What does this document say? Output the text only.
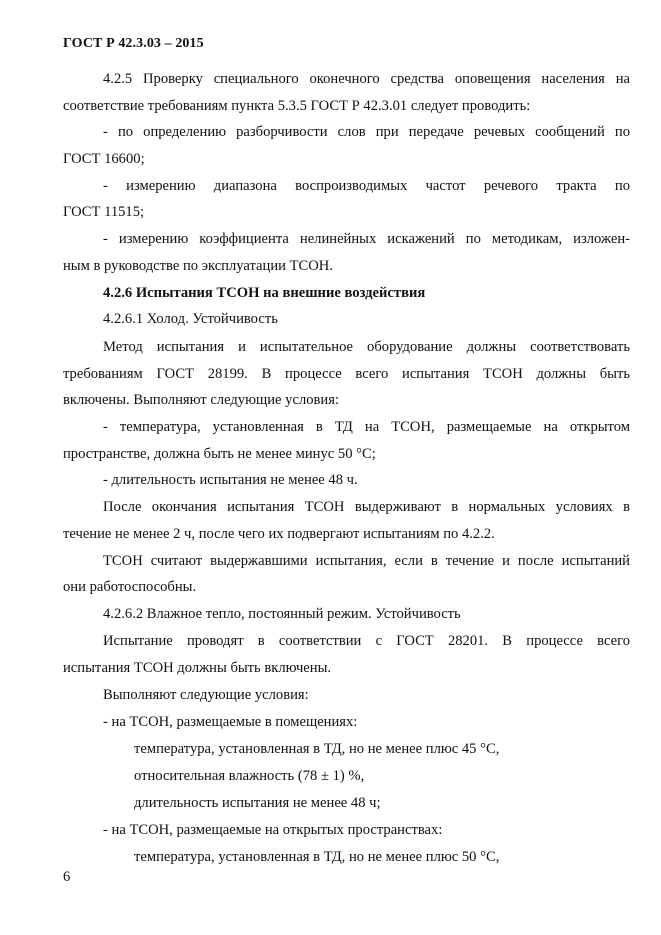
ГОСТ Р 42.3.03 – 2015
4.2.5 Проверку специального оконечного средства оповещения населения на
соответствие требованиям пункта 5.3.5 ГОСТ Р 42.3.01 следует проводить:
- по определению разборчивости слов при передаче речевых сообщений по
ГОСТ 16600;
- измерению диапазона воспроизводимых частот речевого тракта по
ГОСТ 11515;
- измерению коэффициента нелинейных искажений по методикам, изложен-
ным в руководстве по эксплуатации ТСОН.
4.2.6 Испытания ТСОН на внешние воздействия
4.2.6.1 Холод. Устойчивость
Метод испытания и испытательное оборудование должны соответствовать
требованиям ГОСТ 28199. В процессе всего испытания ТСОН должны быть
включены. Выполняют следующие условия:
- температура, установленная в ТД на ТСОН, размещаемые на открытом
пространстве, должна быть не менее минус 50 °С;
- длительность испытания не менее 48 ч.
После окончания испытания ТСОН выдерживают в нормальных условиях в
течение не менее 2 ч, после чего их подвергают испытаниям по 4.2.2.
ТСОН считают выдержавшими испытания, если в течение и после испытаний
они работоспособны.
4.2.6.2 Влажное тепло, постоянный режим. Устойчивость
Испытание проводят в соответствии с ГОСТ 28201. В процессе всего
испытания ТСОН должны быть включены.
Выполняют следующие условия:
- на ТСОН, размещаемые в помещениях:
температура, установленная в ТД, но не менее плюс 45 °С,
относительная влажность (78 ± 1) %,
длительность испытания не менее 48 ч;
- на ТСОН, размещаемые на открытых пространствах:
температура, установленная в ТД, но не менее плюс 50 °С,
6
